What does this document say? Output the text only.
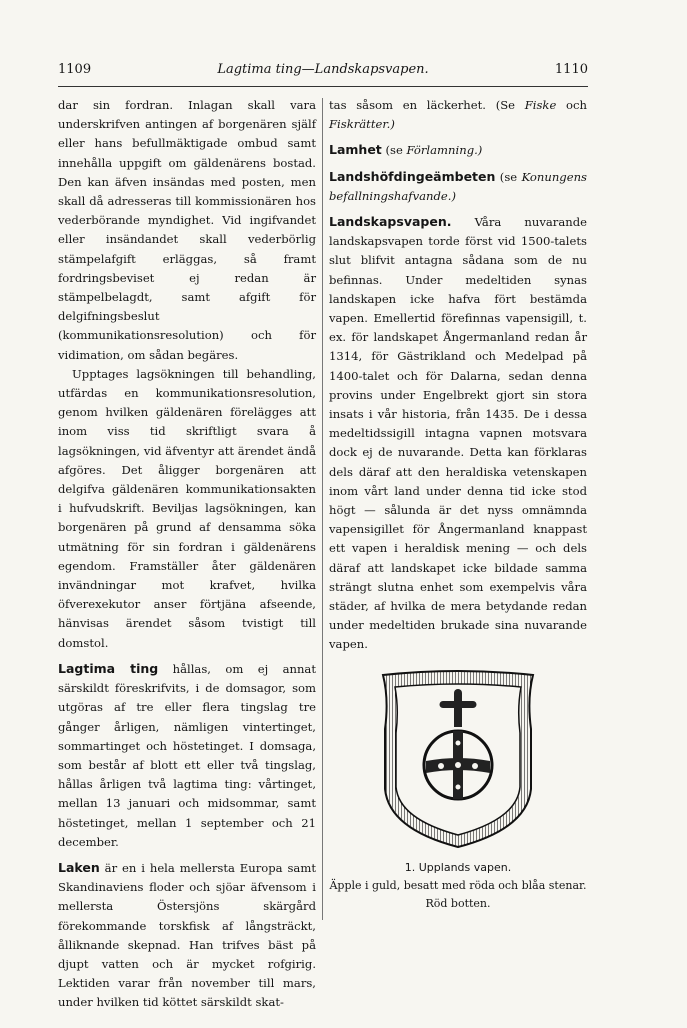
1109	Lagtima ting—Landskapsvapen.	1110

dar sin fordran. Inlagan skall vara underskrifven antingen af borgenären själf eller hans befullmäktigade ombud samt innehålla uppgift om gäldenärens bostad. Den kan äfven insändas med posten, men skall då adresseras till kommissionären hos vederbörande myndighet. Vid ingifvandet eller insändandet skall vederbörlig stämpelafgift erläggas, så framt fordringsbeviset ej redan är stämpelbelagdt, samt afgift för delgifningsbeslut (kommunikationsresolution) och för vidimation, om sådan begäres.

Upptages lagsökningen till behandling, utfärdas en kommunikationsresolution, genom hvilken gäldenären föreläggеs att inom viss tid skriftligt svara å lagsökningen, vid äfventyr att ärendet ändå afgöres. Det åligger borgenären att delgifva gäldenären kommunikationsakten i hufvudskrift. Beviljas lagsökningen, kan borgenären på grund af densamma söka utmätning för sin fordran i gäldenärens egendom. Framställer åter gäldenären invändningar mot krafvet, hvilka öfverexekutor anser förtjäna afseende, hänvisas ärendet såsom tvistigt till domstol.

Lagtima ting hållas, om ej annat särskildt föreskrifvits, i de domsagor, som utgöras af tre eller flera tingslag tre gånger årligen, nämligen vintertinget, sommartinget och höstetinget. I domsaga, som består af blott ett eller två tingslag, hållas årligen två lagtima ting: vårtinget, mellan 13 januari och midsommar, samt höstetinget, mellan 1 september och 21 december.

Laken är en i hela mellersta Europa samt Skandinaviens floder och sjöar äfvensom i mellersta Östersjöns skärgård förekommande torskfisk af långsträckt, ålliknande skepnad. Han trifves bäst på djupt vatten och är mycket rofgirig. Lektiden varar från november till mars, under hvilken tid köttet särskildt skat-

tas såsom en läckerhet. (Se Fiske och Fiskrätter.)

Lamhet (se Förlamning.)

Landshöfdingeämbeten (se Konungens befallningshafvande.)

Landskapsvapen. Våra nuvarande landskapsvapen torde först vid 1500-talets slut blifvit antagna sådana som de nu befinnas. Under medeltiden synas landskapen icke hafva fört bestämda vapen. Emellertid förefinnas vapensigill, t. ex. för landskapet Ångermanland redan år 1314, för Gästrikland och Medelpad på 1400-talet och för Dalarna, sedan denna provins under Engelbrekt gjort sin stora insats i vår historia, från 1435. De i dessa medeltidssigill intagna vapnen motsvara dock ej de nuvarande. Detta kan förklaras dels däraf att den heraldiska vetenskapen inom vårt land under denna tid icke stod högt — sålunda är det nyss omnämnda vapensigillet för Ångermanland knappast ett vapen i heraldisk mening — och dels däraf att landskapet icke bildade samma strängt slutna enhet som exempelvis våra städer, af hvilka de mera betydande redan under medeltiden brukade sina nuvarande vapen.

1. Upplands vapen.

Äpple i guld, besatt med röda och blåa stenar. Röd botten.
